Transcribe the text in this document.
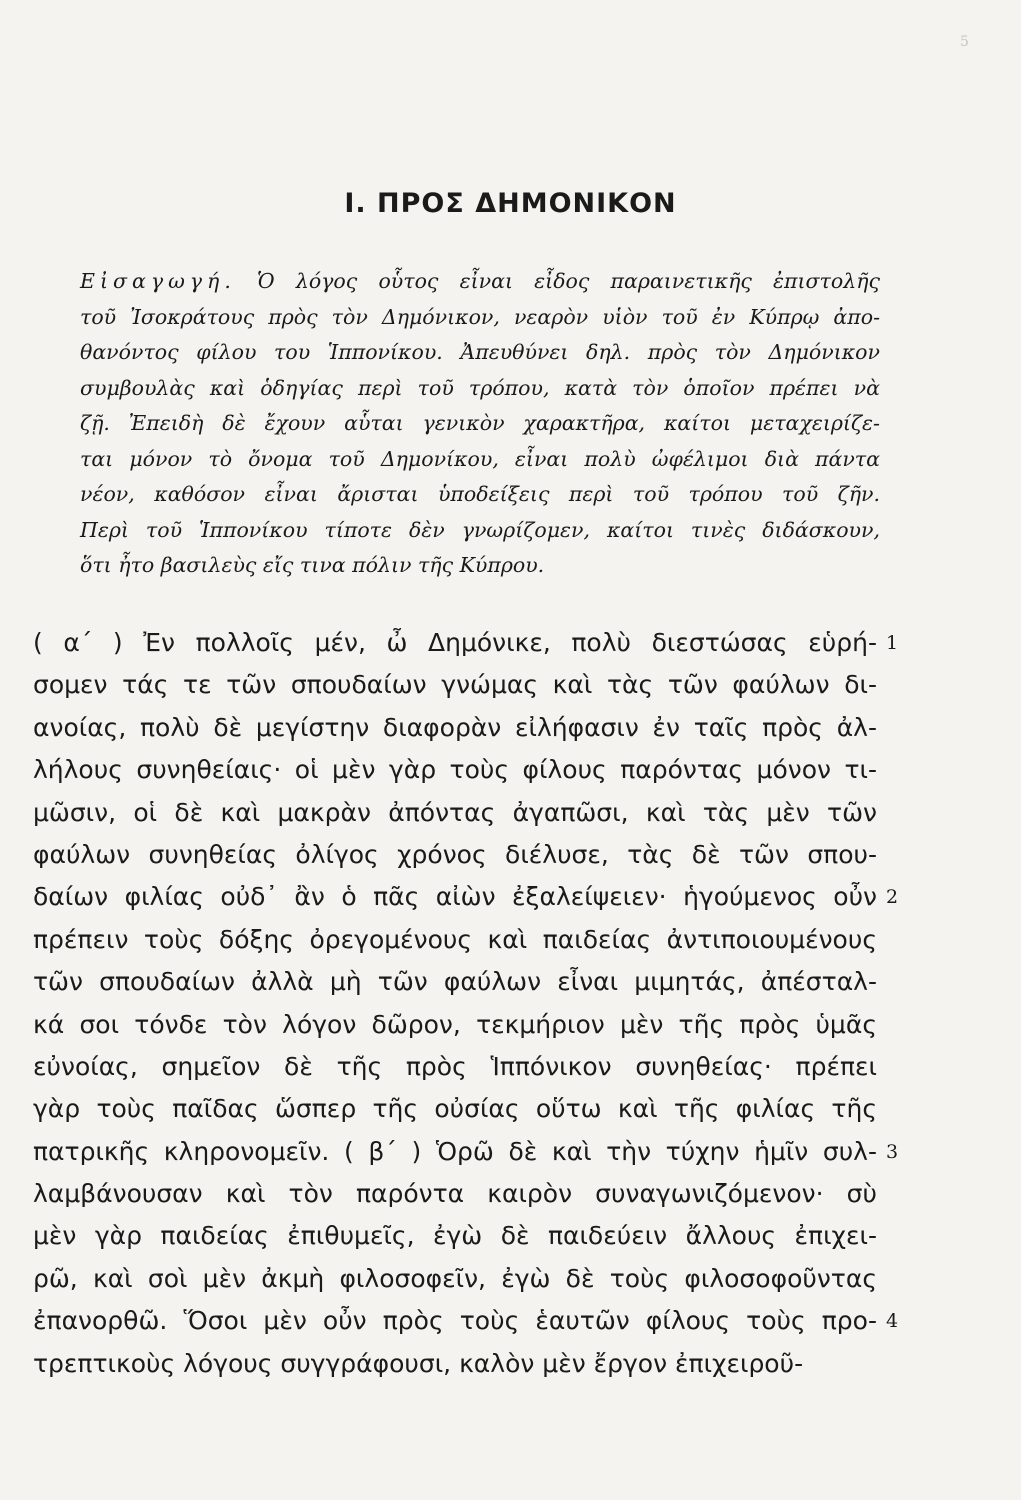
5
Ι. ΠΡΟΣ ΔΗΜΟΝΙΚΟΝ
Εἰσαγωγή. Ὁ λόγος οὗτος εἶναι εἶδος παραινετικῆς ἐπιστολῆς
τοῦ Ἰσοκράτους πρὸς τὸν Δημόνικον, νεαρὸν υἱὸν τοῦ ἐν Κύπρῳ ἀπο-
θανόντος φίλου του Ἱππονίκου. Ἀπευθύνει δηλ. πρὸς τὸν Δημόνικον
συμβουλὰς καὶ ὁδηγίας περὶ τοῦ τρόπου, κατὰ τὸν ὁποῖον πρέπει νὰ
ζῇ. Ἐπειδὴ δὲ ἔχουν αὗται γενικὸν χαρακτῆρα, καίτοι μεταχειρίζε-
ται μόνον τὸ ὄνομα τοῦ Δημονίκου, εἶναι πολὺ ὠφέλιμοι διὰ πάντα
νέον, καθόσον εἶναι ἄρισται ὑποδείξεις περὶ τοῦ τρόπου τοῦ ζῆν.
Περὶ τοῦ Ἱππονίκου τίποτε δὲν γνωρίζομεν, καίτοι τινὲς διδάσκουν,
ὅτι ἦτο βασιλεὺς εἴς τινα πόλιν τῆς Κύπρου.
( α΄ ) Ἐν πολλοῖς μέν, ὦ Δημόνικε, πολὺ διεστώσας εὑρή-
σομεν τάς τε τῶν σπουδαίων γνώμας καὶ τὰς τῶν φαύλων δι-
ανοίας, πολὺ δὲ μεγίστην διαφορὰν εἰλήφασιν ἐν ταῖς πρὸς ἀλ-
λήλους συνηθείαις· οἱ μὲν γὰρ τοὺς φίλους παρόντας μόνον τι-
μῶσιν, οἱ δὲ καὶ μακρὰν ἀπόντας ἀγαπῶσι, καὶ τὰς μὲν τῶν
φαύλων συνηθείας ὀλίγος χρόνος διέλυσε, τὰς δὲ τῶν σπου-
δαίων φιλίας οὐδ᾽ ἂν ὁ πᾶς αἰὼν ἐξαλείψειεν· ἡγούμενος οὖν
πρέπειν τοὺς δόξης ὀρεγομένους καὶ παιδείας ἀντιποιουμένους
τῶν σπουδαίων ἀλλὰ μὴ τῶν φαύλων εἶναι μιμητάς, ἀπέσταλ-
κά σοι τόνδε τὸν λόγον δῶρον, τεκμήριον μὲν τῆς πρὸς ὑμᾶς
εὐνοίας, σημεῖον δὲ τῆς πρὸς Ἱππόνικον συνηθείας· πρέπει
γὰρ τοὺς παῖδας ὥσπερ τῆς οὐσίας οὕτω καὶ τῆς φιλίας τῆς
πατρικῆς κληρονομεῖν. ( β΄ ) Ὁρῶ δὲ καὶ τὴν τύχην ἡμῖν συλ-
λαμβάνουσαν καὶ τὸν παρόντα καιρὸν συναγωνιζόμενον· σὺ
μὲν γὰρ παιδείας ἐπιθυμεῖς, ἐγὼ δὲ παιδεύειν ἄλλους ἐπιχει-
ρῶ, καὶ σοὶ μὲν ἀκμὴ φιλοσοφεῖν, ἐγὼ δὲ τοὺς φιλοσοφοῦντας
ἐπανορθῶ. Ὅσοι μὲν οὖν πρὸς τοὺς ἑαυτῶν φίλους τοὺς προ-
τρεπτικοὺς λόγους συγγράφουσι, καλὸν μὲν ἔργον ἐπιχειροῦ-
1
2
3
4
